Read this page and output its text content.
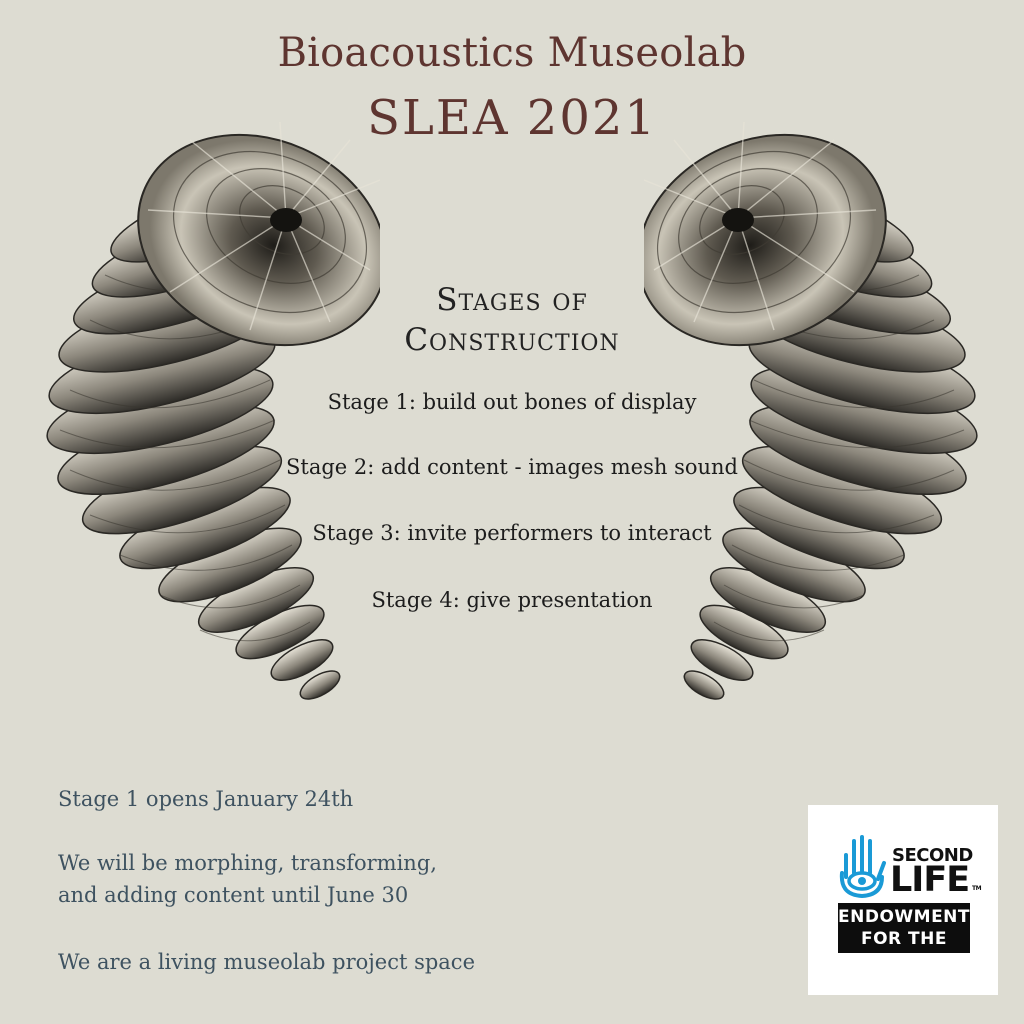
Bioacoustics Museolab
SLEA 2021
Stages of
Construction
Stage 1: build out bones of display
Stage 2: add content - images mesh sound
Stage 3: invite performers to interact
Stage 4: give presentation
Stage 1 opens January 24th
We will be morphing, transforming,
and adding content until June 30
We are a living museolab project space
SECOND
LIFE TM
ENDOWMENT
FOR THE ARTS
